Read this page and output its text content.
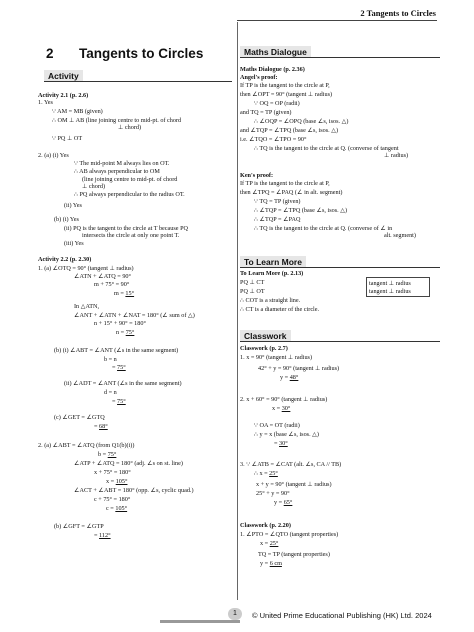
2 Tangents to Circles
2 Tangents to Circles
Activity
Maths Dialogue
To Learn More
Classwork
tangent ⊥ radius
tangent ⊥ radius
Activity 2.1 (p. 2.6)
1. Yes
∵ AM = MB (given)
∴ OM ⊥ AB (line joining centre to mid-pt. of chord
⊥ chord)
∵ PQ ⊥ OT
2. (a) (i) Yes
∵ The mid-point M always lies on OT.
∴ AB always perpendicular to OM
(line joining centre to mid-pt. of chord
⊥ chord)
∴ PQ always perpendicular to the radius OT.
(ii) Yes
(b) (i) Yes
(ii) PQ is the tangent to the circle at T because PQ
intersects the circle at only one point T.
(iii) Yes
Activity 2.2 (p. 2.30)
1. (a) ∠OTQ = 90° (tangent ⊥ radius)
∠ATN + ∠ATQ = 90°
m + 75° = 90°
m = 15°
In △ATN,
∠ANT + ∠ATN + ∠NAT = 180° (∠ sum of △)
n + 15° + 90° = 180°
n = 75°
(b) (i) ∠ABT = ∠ANT (∠s in the same segment)
b = n
= 75°
(ii) ∠ADT = ∠ANT (∠s in the same segment)
d = n
= 75°
(c) ∠GET = ∠GTQ
= 68°
2. (a) ∠ABT = ∠ATQ (from Q1(b)(i))
b = 75°
∠ATP + ∠ATQ = 180° (adj. ∠s on st. line)
x + 75° = 180°
x = 105°
∠ACT + ∠ABT = 180° (opp. ∠s, cyclic quad.)
c + 75° = 180°
c = 105°
(b) ∠GFT = ∠GTP
= 112°
Maths Dialogue (p. 2.36)
Angel's proof:
If TP is the tangent to the circle at P,
then ∠OPT = 90° (tangent ⊥ radius)
∵ OQ = OP (radii)
and TQ = TP (given)
∴ ∠OQP = ∠OPQ (base ∠s, isos. △)
and ∠TQP = ∠TPQ (base ∠s, isos. △)
i.e. ∠TQO = ∠TPO = 90°
∴ TQ is the tangent to the circle at Q. (converse of tangent
⊥ radius)
Ken's proof:
If TP is the tangent to the circle at P,
then ∠TPQ = ∠PAQ (∠ in alt. segment)
∵ TQ = TP (given)
∴ ∠TQP = ∠TPQ (base ∠s, isos. △)
∴ ∠TQP = ∠PAQ
∴ TQ is the tangent to the circle at Q. (converse of ∠ in
alt. segment)
To Learn More (p. 2.13)
PQ ⊥ CT
PQ ⊥ OT
∴ COT is a straight line.
∴ CT is a diameter of the circle.
Classwork (p. 2.7)
1. x = 90° (tangent ⊥ radius)
42° + y = 90° (tangent ⊥ radius)
y = 48°
2. x + 60° = 90° (tangent ⊥ radius)
x = 30°
∵ OA = OT (radii)
∴ y = x (base ∠s, isos. △)
= 30°
3. ∵ ∠ATB = ∠CAT (alt. ∠s, CA // TB)
∴ x = 25°
x + y = 90° (tangent ⊥ radius)
25° + y = 90°
y = 65°
Classwork (p. 2.20)
1. ∠PTO = ∠QTO (tangent properties)
x = 25°
TQ = TP (tangent properties)
y = 6 cm
1	© United Prime Educational Publishing (HK) Ltd. 2024
